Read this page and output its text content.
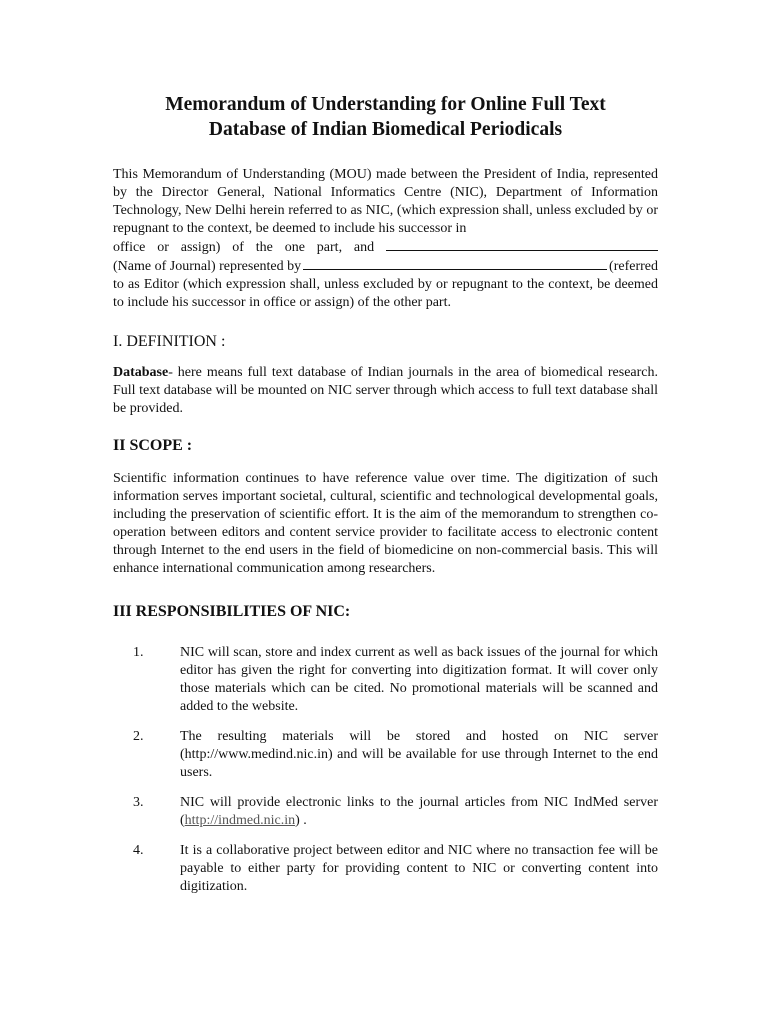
Memorandum of Understanding for Online Full Text
Database of Indian Biomedical Periodicals

This Memorandum of Understanding (MOU) made between the President of India, represented by the Director General, National Informatics Centre (NIC), Department of Information Technology, New Delhi herein referred to as NIC, (which expression shall, unless excluded by or repugnant to the context, be deemed to include his successor in

office or assign) of the one part, and
(Name of Journal) represented by	(referred

to as Editor (which expression shall, unless excluded by or repugnant to the context, be deemed to include his successor in office or assign) of the other part.

I. DEFINITION :

Database- here means full text database of Indian journals in the area of biomedical research. Full text database will be mounted on NIC server through which access to full text database shall be provided.

II SCOPE :

Scientific information continues to have reference value over time. The digitization of such information serves important societal, cultural, scientific and technological developmental goals, including the preservation of scientific effort. It is the aim of the memorandum to strengthen co-operation between editors and content service provider to facilitate access to electronic content through Internet to the end users in the field of biomedicine on non-commercial basis. This will enhance international communication among researchers.

III RESPONSIBILITIES OF NIC:
1.	NIC will scan, store and index current as well as back issues of the journal for which editor has given the right for converting into digitization format. It will cover only those materials which can be cited. No promotional materials will be scanned and added to the website.
2.	The resulting materials will be stored and hosted on NIC server (http://www.medind.nic.in) and will be available for use through Internet to the end users.
3.	NIC will provide electronic links to the journal articles from NIC IndMed server (http://indmed.nic.in) .
4.	It is a collaborative project between editor and NIC where no transaction fee will be payable to either party for providing content to NIC or converting content into digitization.
